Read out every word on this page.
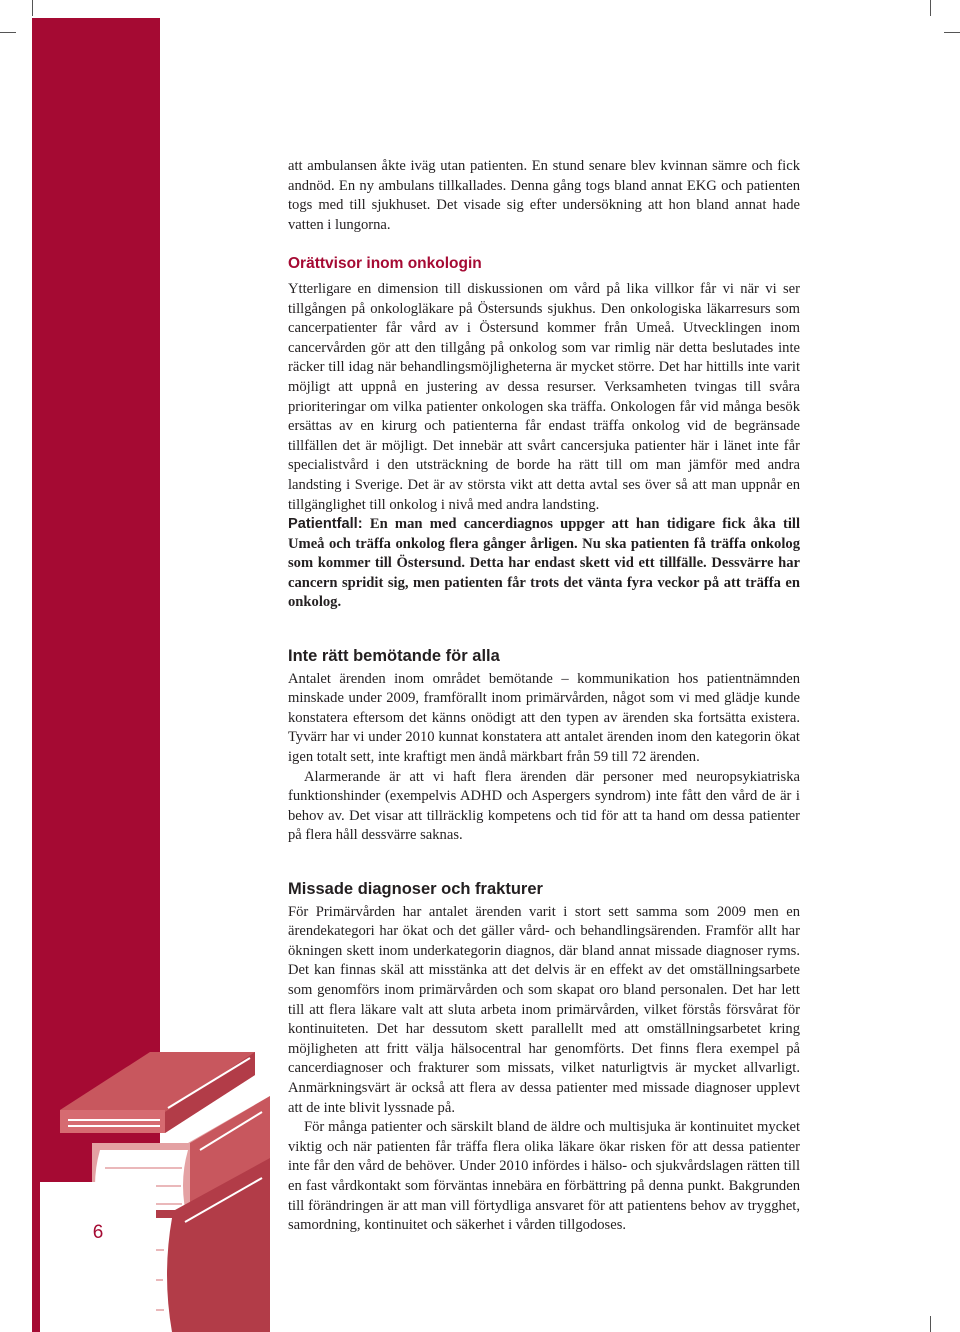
6

att ambulansen åkte iväg utan patienten. En stund senare blev kvinnan sämre och fick andnöd. En ny ambulans tillkallades. Denna gång togs bland annat EKG och patienten togs med till sjukhuset. Det visade sig efter undersökning att hon bland annat hade vatten i lungorna.

Orättvisor inom onkologin

Ytterligare en dimension till diskussionen om vård på lika villkor får vi när vi ser tillgången på onkologläkare på Östersunds sjukhus. Den onkologiska läkarresurs som cancerpatienter får vård av i Östersund kommer från Umeå. Utvecklingen inom cancervården gör att den tillgång på onkolog som var rimlig när detta beslutades inte räcker till idag när behandlingsmöjligheterna är mycket större. Det har hittills inte varit möjligt att uppnå en justering av dessa resurser. Verksamheten tvingas till svåra prioriteringar om vilka patienter onkologen ska träffa. Onkologen får vid många besök ersättas av en kirurg och patienterna får endast träffa onkolog vid de begränsade tillfällen det är möjligt. Det innebär att svårt cancersjuka patienter här i länet inte får specialistvård i den utsträckning de borde ha rätt till om man jämför med andra landsting i Sverige. Det är av största vikt att detta avtal ses över så att man uppnår en tillgänglighet till onkolog i nivå med andra landsting.

Patientfall: En man med cancerdiagnos uppger att han tidigare fick åka till Umeå och träffa onkolog flera gånger årligen. Nu ska patienten få träffa onkolog som kommer till Östersund. Detta har endast skett vid ett tillfälle. Dessvärre har cancern spridit sig, men patienten får trots det vänta fyra veckor på att träffa en onkolog.

Inte rätt bemötande för alla

Antalet ärenden inom området bemötande – kommunikation hos patientnämnden minskade under 2009, framförallt inom primärvården, något som vi med glädje kunde konstatera eftersom det känns onödigt att den typen av ärenden ska fortsätta existera. Tyvärr har vi under 2010 kunnat konstatera att antalet ärenden inom den kategorin ökat igen totalt sett, inte kraftigt men ändå märkbart från 59 till 72 ärenden.

Alarmerande är att vi haft flera ärenden där personer med neuropsykiatriska funktionshinder (exempelvis ADHD och Aspergers syndrom) inte fått den vård de är i behov av. Det visar att tillräcklig kompetens och tid för att ta hand om dessa patienter på flera håll dessvärre saknas.

Missade diagnoser och frakturer

För Primärvården har antalet ärenden varit i stort sett samma som 2009 men en ärendekategori har ökat och det gäller vård- och behandlingsärenden. Framför allt har ökningen skett inom underkategorin diagnos, där bland annat missade diagnoser ryms. Det kan finnas skäl att misstänka att det delvis är en effekt av det omställningsarbete som genomförs inom primärvården och som skapat oro bland personalen. Det har lett till att flera läkare valt att sluta arbeta inom primärvården, vilket förstås försvårat för kontinuiteten. Det har dessutom skett parallellt med att omställningsarbetet kring möjligheten att fritt välja hälsocentral har genomförts. Det finns flera exempel på cancerdiagnoser och frakturer som missats, vilket naturligtvis är mycket allvarligt. Anmärkningsvärt är också att flera av dessa patienter med missade diagnoser upplevt att de inte blivit lyssnade på.

För många patienter och särskilt bland de äldre och multisjuka är kontinuitet mycket viktig och när patienten får träffa flera olika läkare ökar risken för att dessa patienter inte får den vård de behöver. Under 2010 infördes i hälso- och sjukvårdslagen rätten till en fast vårdkontakt som förväntas innebära en förbättring på denna punkt. Bakgrunden till förändringen är att man vill förtydliga ansvaret för att patientens behov av trygghet, samordning, kontinuitet och säkerhet i vården tillgodoses.
